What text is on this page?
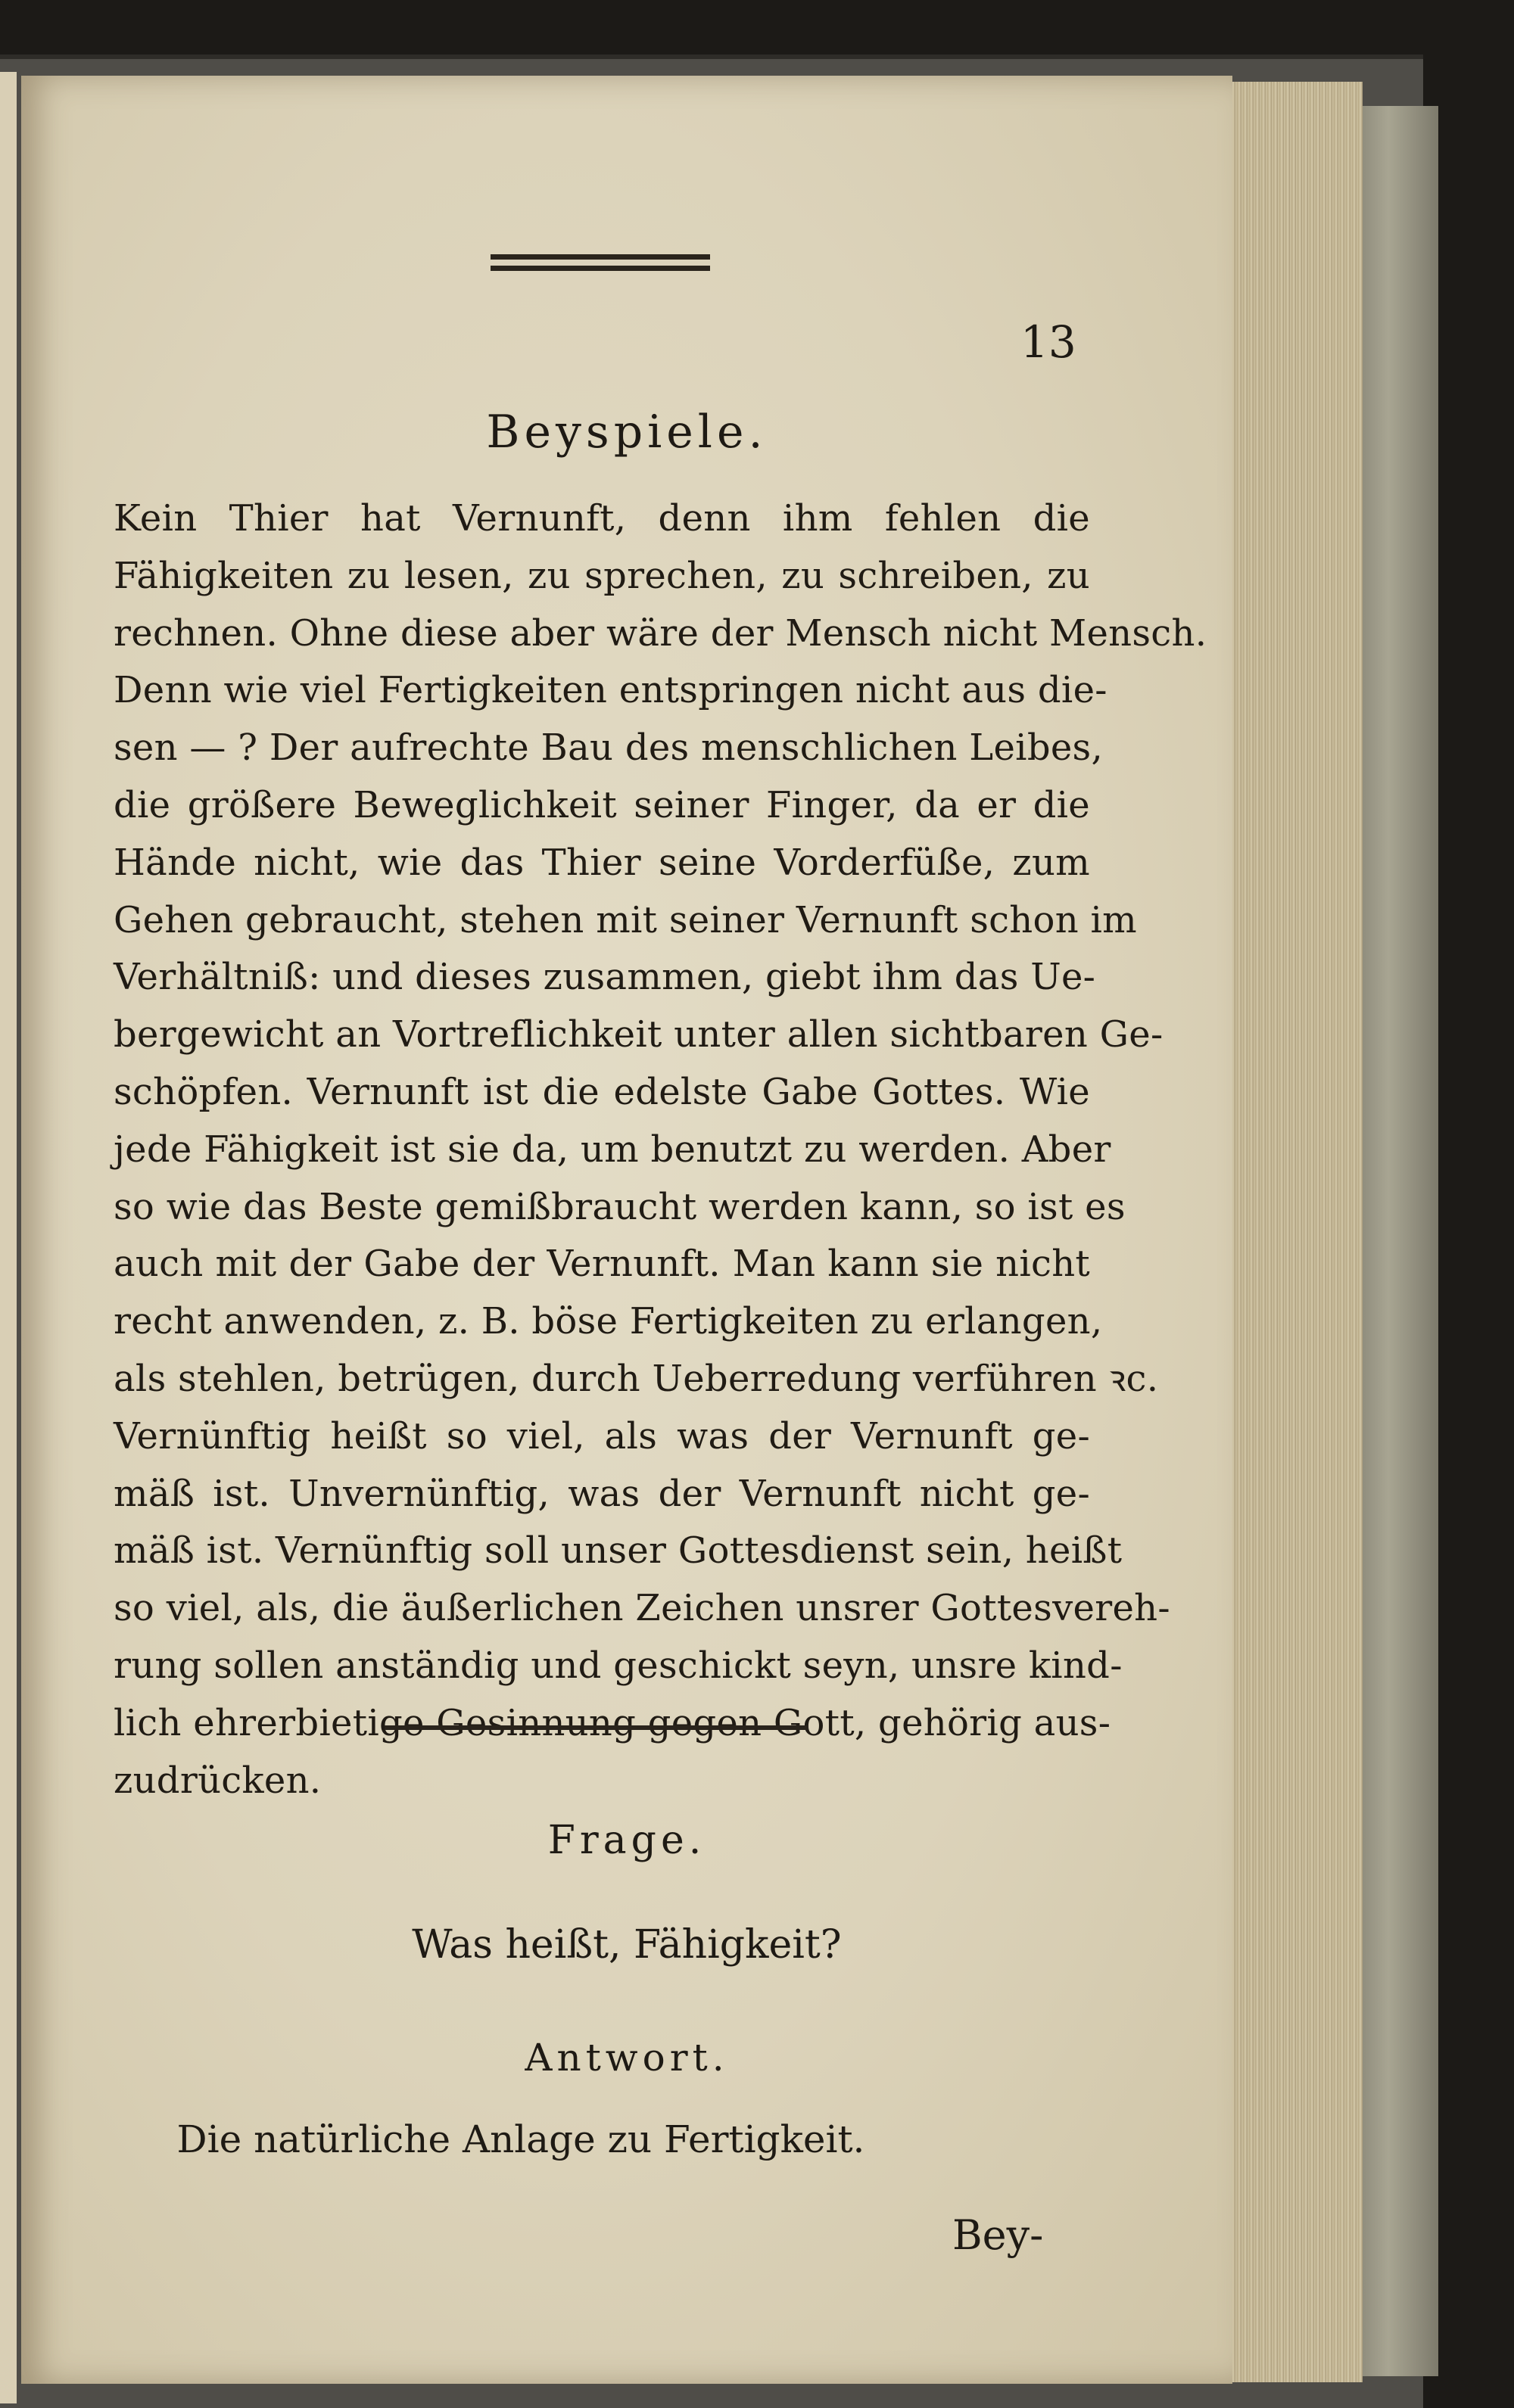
13
Beyspiele.
Kein Thier hat Vernunft, denn ihm fehlen die
Fähigkeiten zu lesen, zu sprechen, zu schreiben, zu
rechnen. Ohne diese aber wäre der Mensch nicht Mensch.
Denn wie viel Fertigkeiten entspringen nicht aus die-
sen — ? Der aufrechte Bau des menschlichen Leibes,
die größere Beweglichkeit seiner Finger, da er die
Hände nicht, wie das Thier seine Vorderfüße, zum
Gehen gebraucht, stehen mit seiner Vernunft schon im
Verhältniß: und dieses zusammen, giebt ihm das Ue-
bergewicht an Vortreflichkeit unter allen sichtbaren Ge-
schöpfen. Vernunft ist die edelste Gabe Gottes. Wie
jede Fähigkeit ist sie da, um benutzt zu werden. Aber
so wie das Beste gemißbraucht werden kann, so ist es
auch mit der Gabe der Vernunft. Man kann sie nicht
recht anwenden, z. B. böse Fertigkeiten zu erlangen,
als stehlen, betrügen, durch Ueberredung verführen ꝛc.
Vernünftig heißt so viel, als was der Vernunft ge-
mäß ist. Unvernünftig, was der Vernunft nicht ge-
mäß ist. Vernünftig soll unser Gottesdienst sein, heißt
so viel, als, die äußerlichen Zeichen unsrer Gottesvereh-
rung sollen anständig und geschickt seyn, unsre kind-
lich ehrerbietige Gesinnung gegen Gott, gehörig aus-
zudrücken.
Frage.
Was heißt, Fähigkeit?
Antwort.
Die natürliche Anlage zu Fertigkeit.
Bey-
